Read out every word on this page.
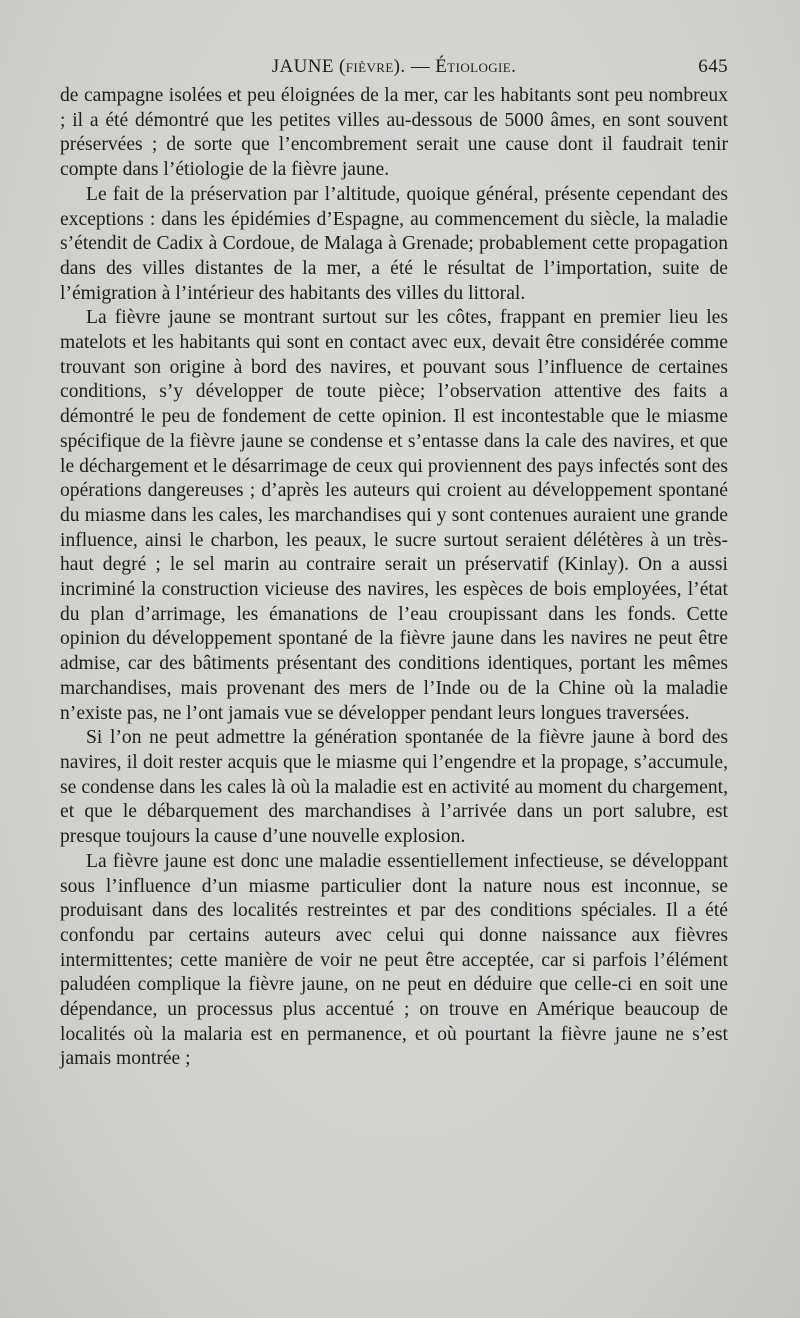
JAUNE (fièvre). — Étiologie.	645

de campagne isolées et peu éloignées de la mer, car les habitants sont peu nombreux ; il a été démontré que les petites villes au-dessous de 5000 âmes, en sont souvent préservées ; de sorte que l’encombrement serait une cause dont il faudrait tenir compte dans l’étiologie de la fièvre jaune.

Le fait de la préservation par l’altitude, quoique général, présente cependant des exceptions : dans les épidémies d’Espagne, au commencement du siècle, la maladie s’étendit de Cadix à Cordoue, de Malaga à Grenade; probablement cette propagation dans des villes distantes de la mer, a été le résultat de l’importation, suite de l’émigration à l’intérieur des habitants des villes du littoral.

La fièvre jaune se montrant surtout sur les côtes, frappant en premier lieu les matelots et les habitants qui sont en contact avec eux, devait être considérée comme trouvant son origine à bord des navires, et pouvant sous l’influence de certaines conditions, s’y développer de toute pièce; l’observation attentive des faits a démontré le peu de fondement de cette opinion. Il est incontestable que le miasme spécifique de la fièvre jaune se condense et s’entasse dans la cale des navires, et que le déchargement et le désarrimage de ceux qui proviennent des pays infectés sont des opérations dangereuses ; d’après les auteurs qui croient au développement spontané du miasme dans les cales, les marchandises qui y sont contenues auraient une grande influence, ainsi le charbon, les peaux, le sucre surtout seraient délétères à un très-haut degré ; le sel marin au contraire serait un préservatif (Kinlay). On a aussi incriminé la construction vicieuse des navires, les espèces de bois employées, l’état du plan d’arrimage, les émanations de l’eau croupissant dans les fonds. Cette opinion du développement spontané de la fièvre jaune dans les navires ne peut être admise, car des bâtiments présentant des conditions identiques, portant les mêmes marchandises, mais provenant des mers de l’Inde ou de la Chine où la maladie n’existe pas, ne l’ont jamais vue se développer pendant leurs longues traversées.

Si l’on ne peut admettre la génération spontanée de la fièvre jaune à bord des navires, il doit rester acquis que le miasme qui l’engendre et la propage, s’accumule, se condense dans les cales là où la maladie est en activité au moment du chargement, et que le débarquement des marchandises à l’arrivée dans un port salubre, est presque toujours la cause d’une nouvelle explosion.

La fièvre jaune est donc une maladie essentiellement infectieuse, se développant sous l’influence d’un miasme particulier dont la nature nous est inconnue, se produisant dans des localités restreintes et par des conditions spéciales. Il a été confondu par certains auteurs avec celui qui donne naissance aux fièvres intermittentes; cette manière de voir ne peut être acceptée, car si parfois l’élément paludéen complique la fièvre jaune, on ne peut en déduire que celle-ci en soit une dépendance, un processus plus accentué ; on trouve en Amérique beaucoup de localités où la malaria est en permanence, et où pourtant la fièvre jaune ne s’est jamais montrée ;
